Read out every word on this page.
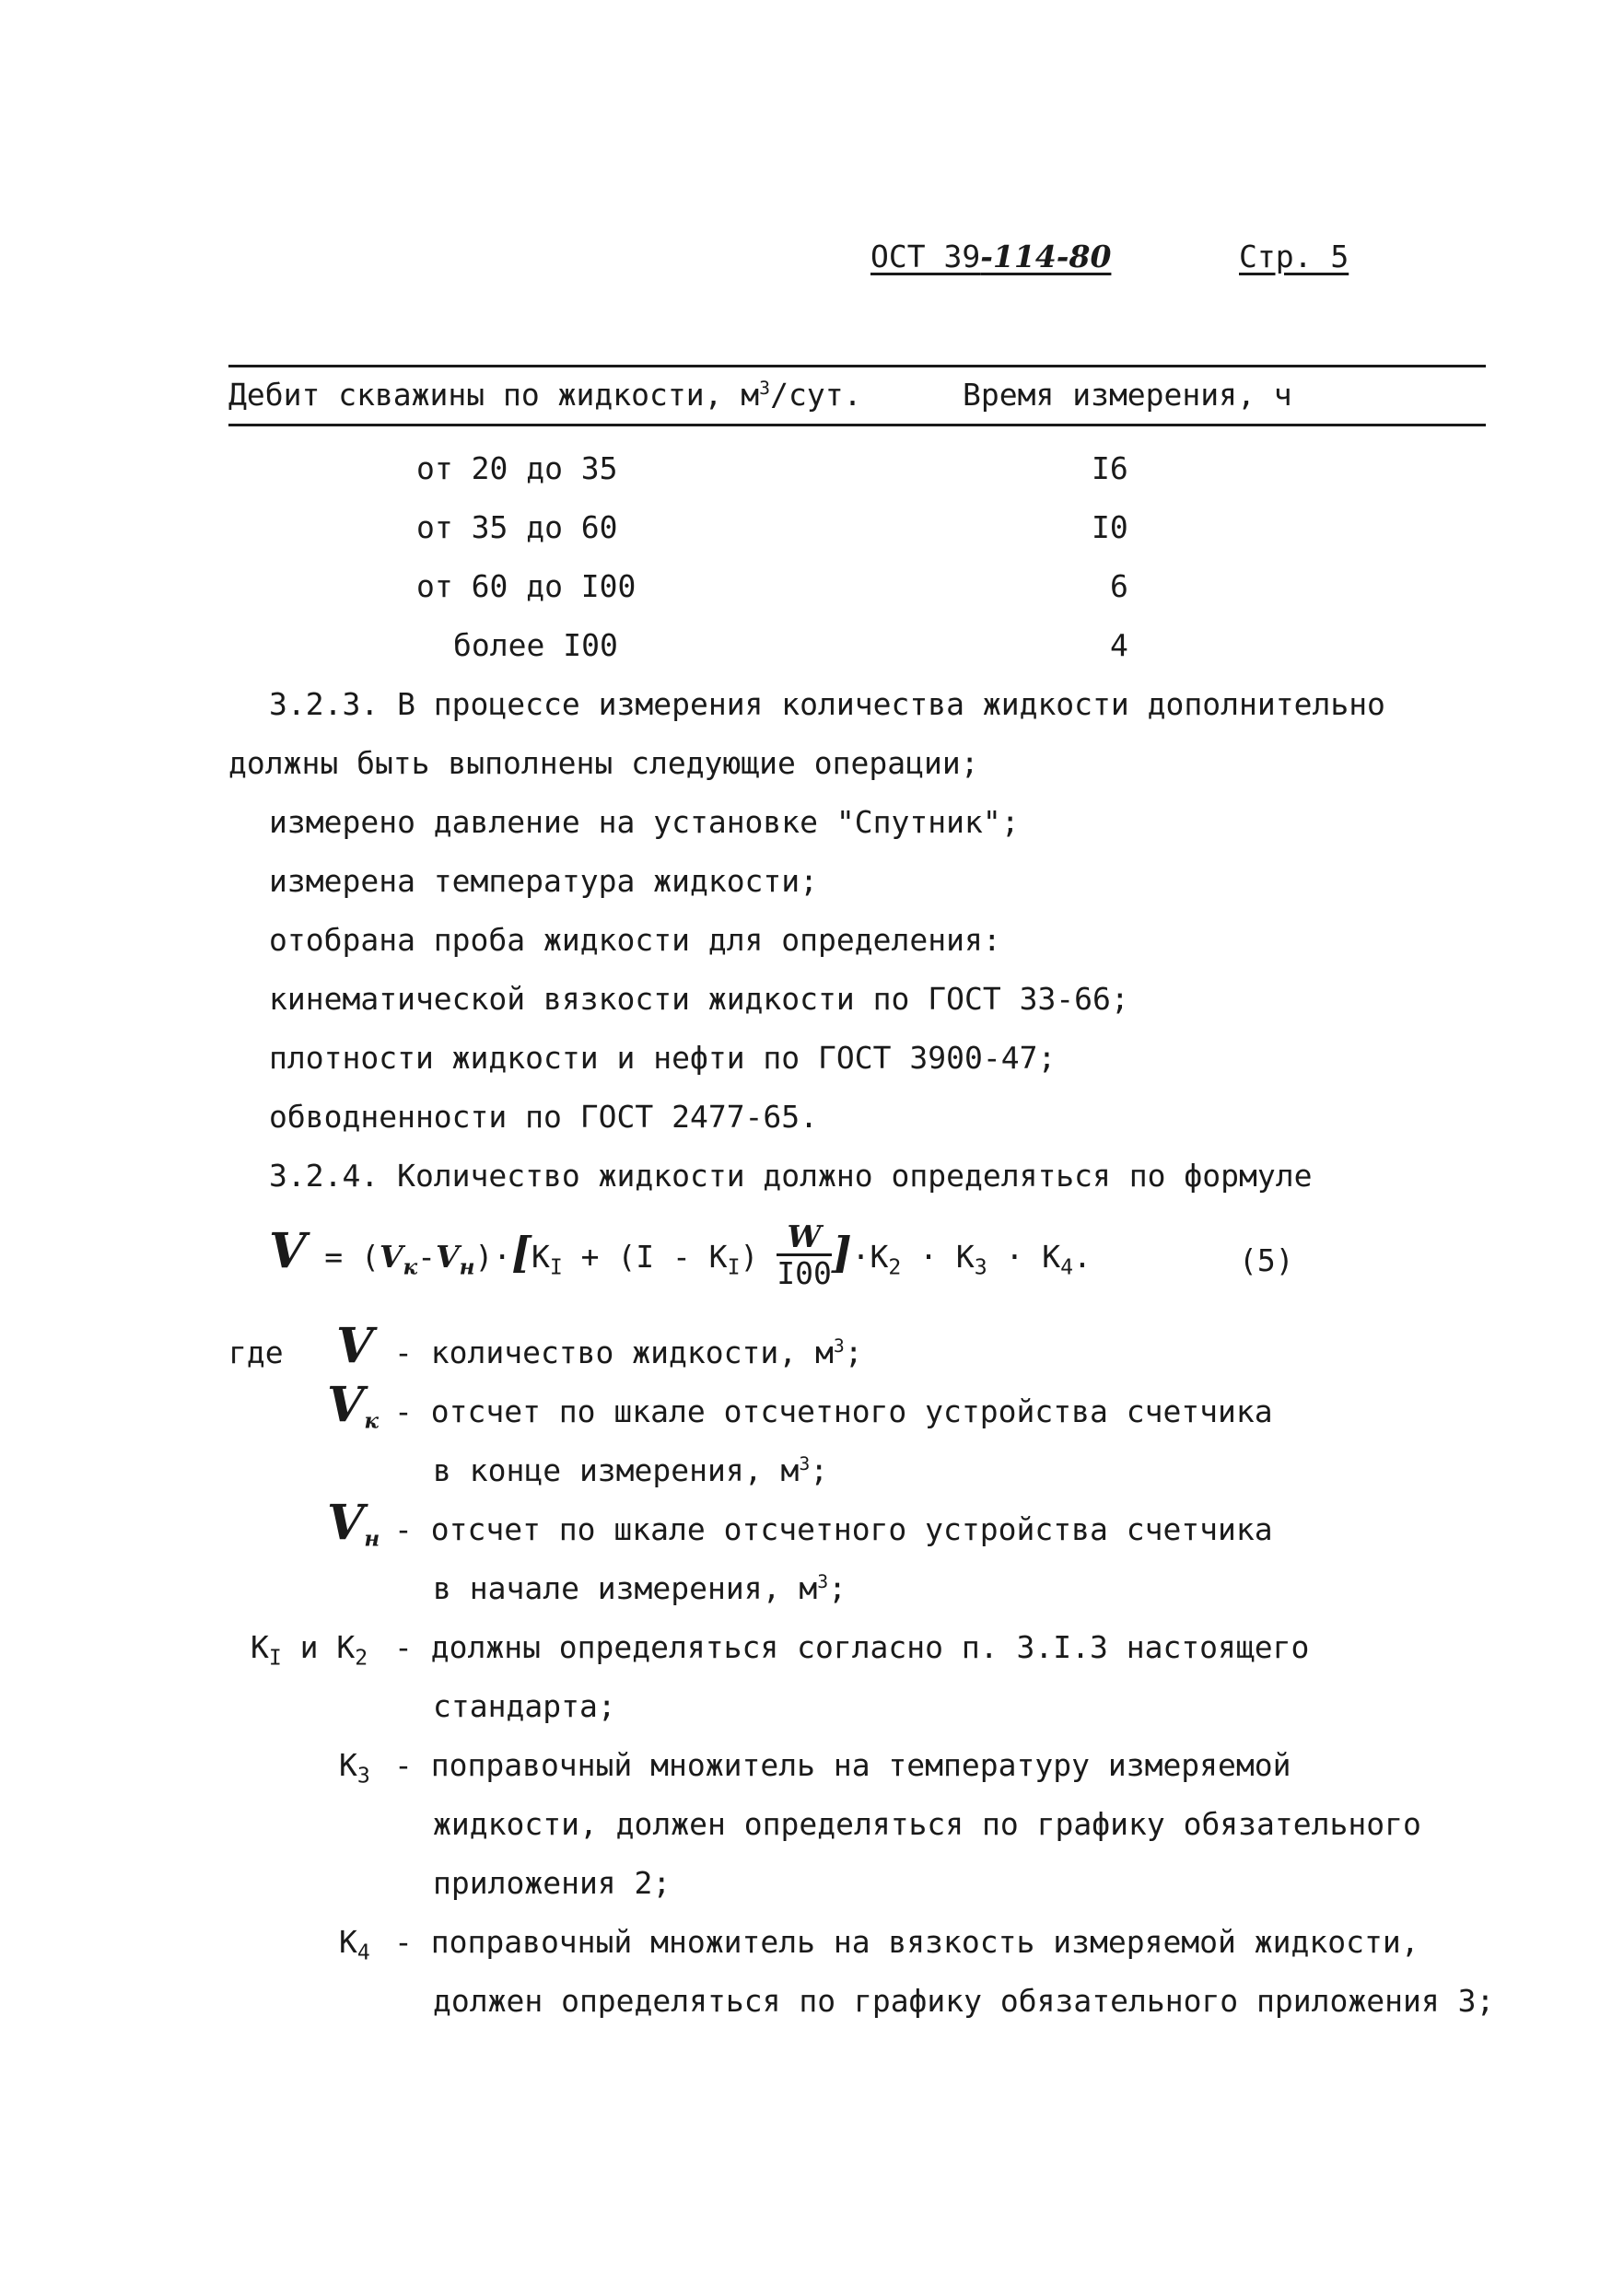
ОСТ 39-114-80	Стр. 5
Дебит скважины по жидкости, $м^3$/сут.	Время измерения, ч
от 20 до 35	I6
от 35 до 60	I0
от 60 до I00	6
более I00	4
3.2.3. В процессе измерения количества жидкости дополнительно
должны быть выполнены следующие операции;
измерено давление на установке "Спутник";
измерена температура жидкости;
отобрана проба жидкости для определения:
кинематической вязкости жидкости по ГОСТ 33-66;
плотности жидкости и нефти по ГОСТ 3900-47;
обводненности по ГОСТ 2477-65.
3.2.4. Количество жидкости должно определяться по формуле
$V = (V_к-V_н)\cdot[К_I + (I - К_I) \frac{W}{I00} ]\cdot К_2 \cdot К_3 \cdot К_4$.	(5)
где V - количество жидкости, $м^3$;
$V_к$ - отсчет по шкале отсчетного устройства счетчика
в конце измерения, $м^3$;
$V_н$ - отсчет по шкале отсчетного устройства счетчика
в начале измерения, $м^3$;
$К_I$ и $К_2$ - должны определяться согласно п. 3.I.3 настоящего
стандарта;
$К_3$ - поправочный множитель на температуру измеряемой
жидкости, должен определяться по графику обязательного
приложения 2;
$К_4$ - поправочный множитель на вязкость измеряемой жидкости,
должен определяться по графику обязательного приложения 3;
